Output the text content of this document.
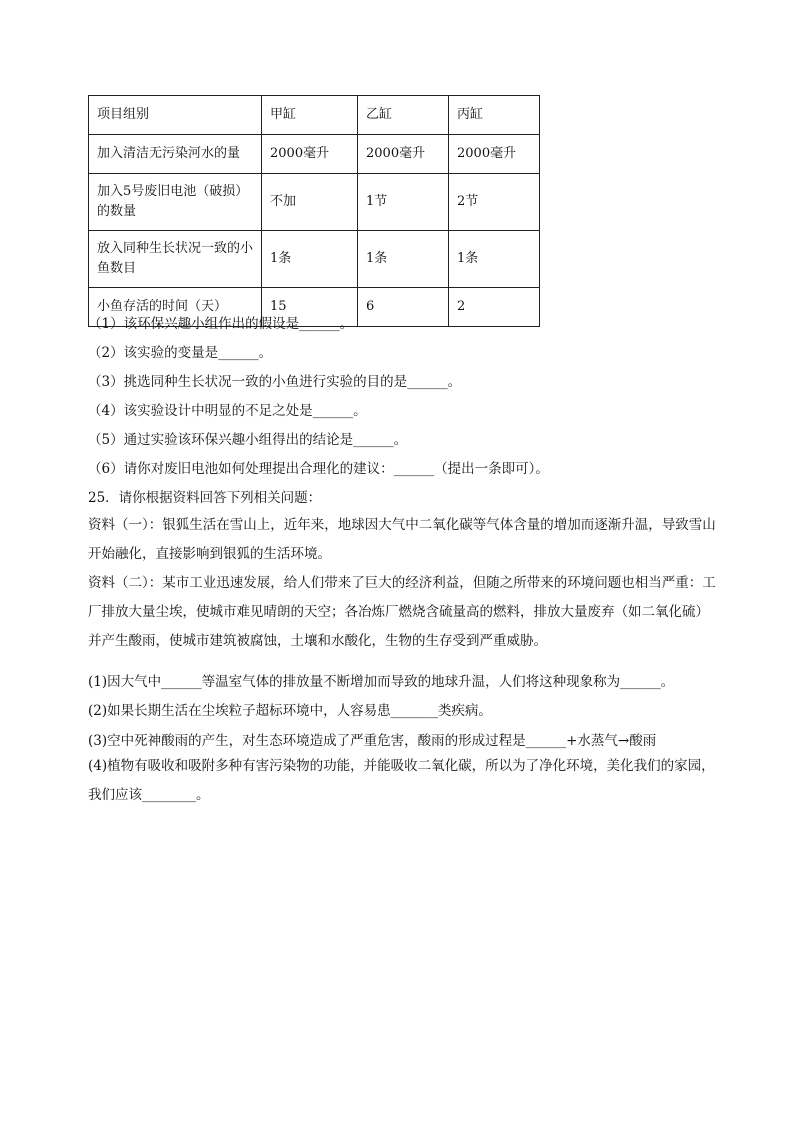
项目组别	甲缸	乙缸	丙缸
加入清洁无污染河水的量	2000毫升	2000毫升	2000毫升
加入5号废旧电池（破损）的数量	不加	1节	2节
放入同种生长状况一致的小鱼数目	1条	1条	1条
小鱼存活的时间（天）	15	6	2
（1）该环保兴趣小组作出的假设是______。
（2）该实验的变量是______。
（3）挑选同种生长状况一致的小鱼进行实验的目的是______。
（4）该实验设计中明显的不足之处是______。
（5）通过实验该环保兴趣小组得出的结论是______。
（6）请你对废旧电池如何处理提出合理化的建议：______（提出一条即可）。
25．请你根据资料回答下列相关问题：
资料（一）：银狐生活在雪山上，近年来，地球因大气中二氧化碳等气体含量的增加而逐渐升温，导致雪山开始融化，直接影响到银狐的生活环境。
资料（二）：某市工业迅速发展，给人们带来了巨大的经济利益，但随之所带来的环境问题也相当严重：工厂排放大量尘埃，使城市难见晴朗的天空；各冶炼厂燃烧含硫量高的燃料，排放大量废弃（如二氧化硫）并产生酸雨，使城市建筑被腐蚀，土壤和水酸化，生物的生存受到严重威胁。
(1)因大气中______等温室气体的排放量不断增加而导致的地球升温，人们将这种现象称为______。
(2)如果长期生活在尘埃粒子超标环境中，人容易患_______类疾病。
(3)空中死神酸雨的产生，对生态环境造成了严重危害，酸雨的形成过程是______+水蒸气→酸雨
(4)植物有吸收和吸附多种有害污染物的功能，并能吸收二氧化碳，所以为了净化环境，美化我们的家园，我们应该________。
